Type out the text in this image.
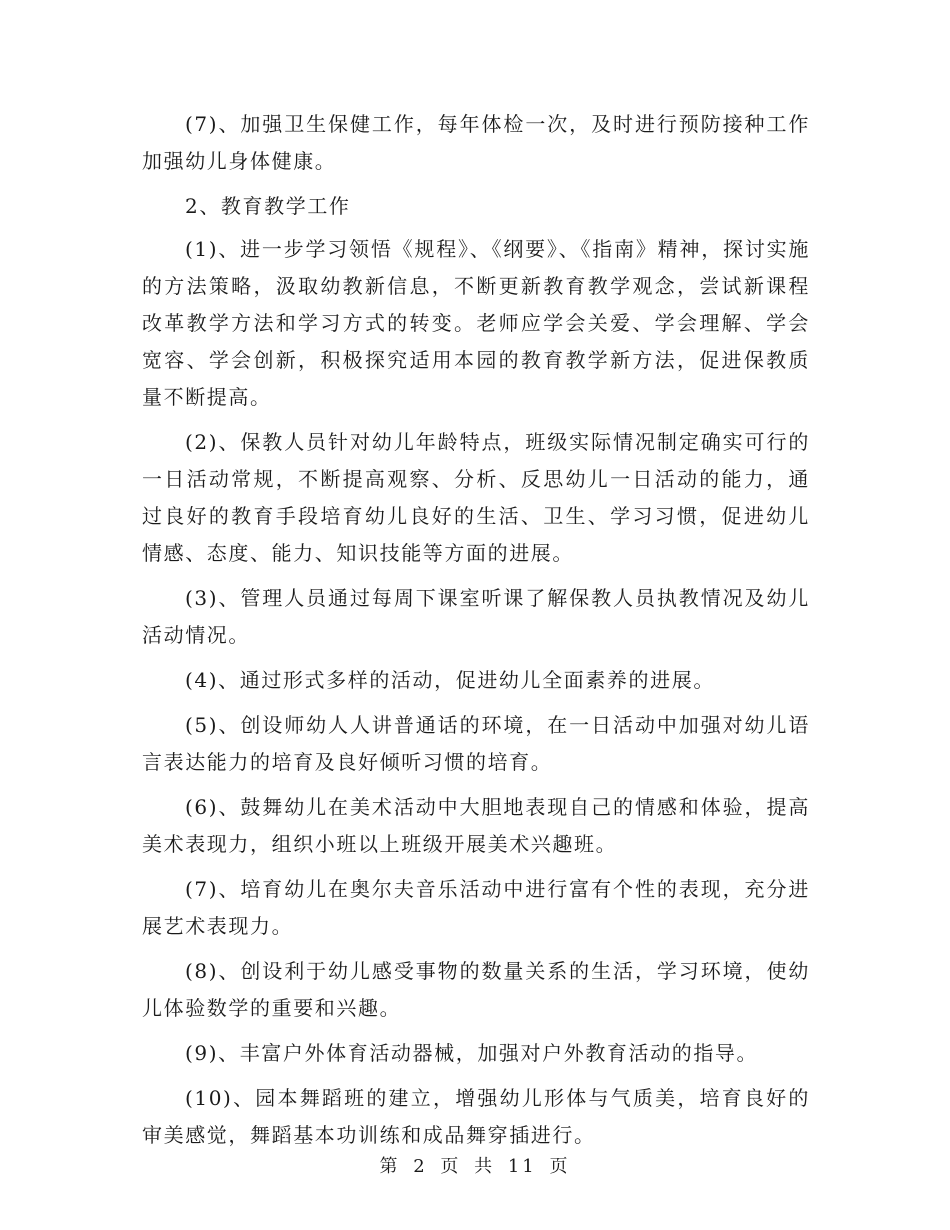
(7)、加强卫生保健工作，每年体检一次，及时进行预防接种工作加强幼儿身体健康。

2、教育教学工作

(1)、进一步学习领悟《规程》、《纲要》、《指南》精神，探讨实施的方法策略，汲取幼教新信息，不断更新教育教学观念，尝试新课程改革教学方法和学习方式的转变。老师应学会关爱、学会理解、学会宽容、学会创新，积极探究适用本园的教育教学新方法，促进保教质量不断提高。

(2)、保教人员针对幼儿年龄特点，班级实际情况制定确实可行的一日活动常规，不断提高观察、分析、反思幼儿一日活动的能力，通过良好的教育手段培育幼儿良好的生活、卫生、学习习惯，促进幼儿情感、态度、能力、知识技能等方面的进展。

(3)、管理人员通过每周下课室听课了解保教人员执教情况及幼儿活动情况。

(4)、通过形式多样的活动，促进幼儿全面素养的进展。

(5)、创设师幼人人讲普通话的环境，在一日活动中加强对幼儿语言表达能力的培育及良好倾听习惯的培育。

(6)、鼓舞幼儿在美术活动中大胆地表现自己的情感和体验，提高美术表现力，组织小班以上班级开展美术兴趣班。

(7)、培育幼儿在奥尔夫音乐活动中进行富有个性的表现，充分进展艺术表现力。

(8)、创设利于幼儿感受事物的数量关系的生活，学习环境，使幼儿体验数学的重要和兴趣。

(9)、丰富户外体育活动器械，加强对户外教育活动的指导。

(10)、园本舞蹈班的建立，增强幼儿形体与气质美，培育良好的审美感觉，舞蹈基本功训练和成品舞穿插进行。

第 2 页 共 11 页
